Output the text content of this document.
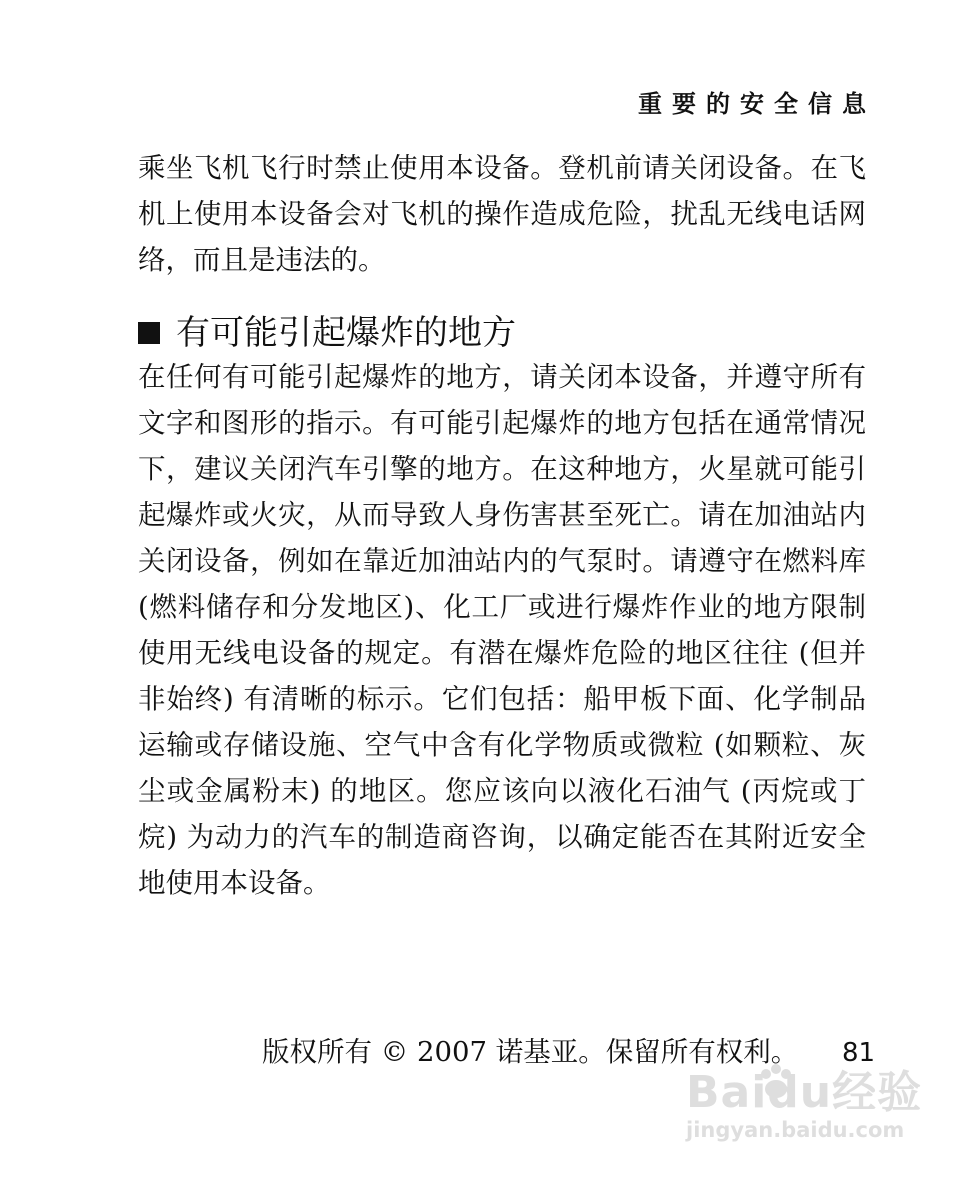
重要的安全信息

乘坐飞机飞行时禁止使用本设备。登机前请关闭设备。在飞机上使用本设备会对飞机的操作造成危险，扰乱无线电话网络，而且是违法的。

有可能引起爆炸的地方

在任何有可能引起爆炸的地方，请关闭本设备，并遵守所有文字和图形的指示。有可能引起爆炸的地方包括在通常情况下，建议关闭汽车引擎的地方。在这种地方，火星就可能引起爆炸或火灾，从而导致人身伤害甚至死亡。请在加油站内关闭设备，例如在靠近加油站内的气泵时。请遵守在燃料库(燃料储存和分发地区)、化工厂或进行爆炸作业的地方限制使用无线电设备的规定。有潜在爆炸危险的地区往往 (但并非始终) 有清晰的标示。它们包括：船甲板下面、化学制品运输或存储设施、空气中含有化学物质或微粒 (如颗粒、灰尘或金属粉末) 的地区。您应该向以液化石油气 (丙烷或丁烷) 为动力的汽车的制造商咨询，以确定能否在其附近安全地使用本设备。

版权所有 © 2007 诺基亚。保留所有权利。 81
Baidu经验
jingyan.baidu.com
